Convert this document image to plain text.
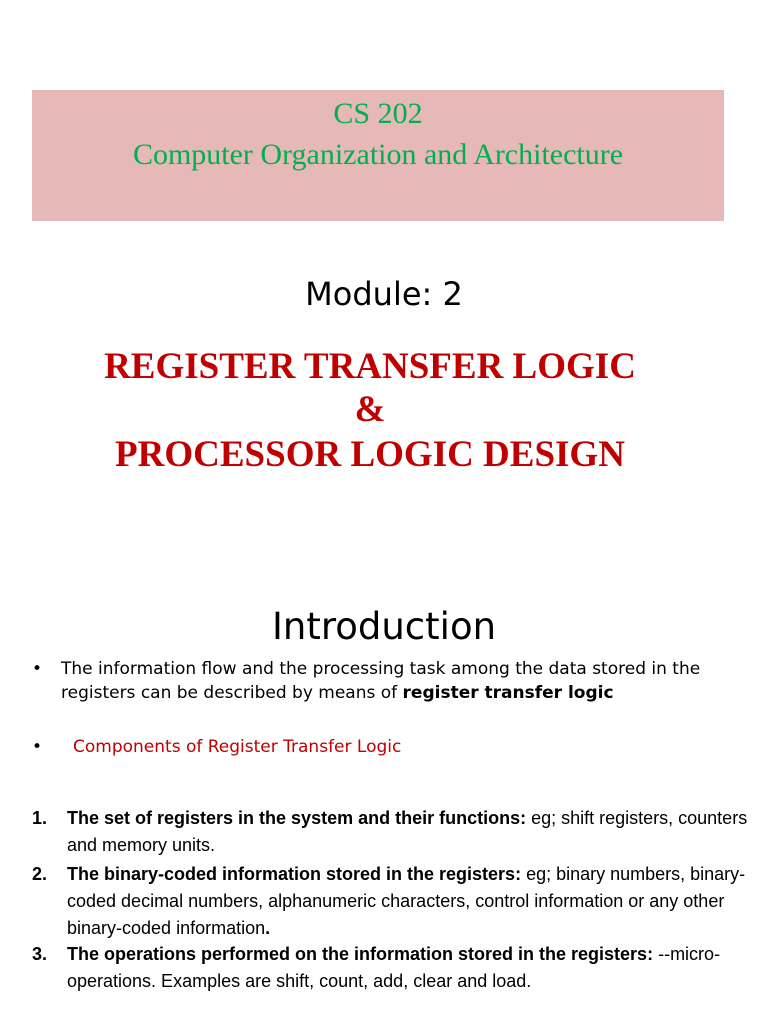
CS 202
Computer Organization and Architecture
Module: 2
REGISTER TRANSFER LOGIC
&
PROCESSOR LOGIC DESIGN
Introduction
•	The information flow and the processing task among the data stored in the registers can be described by means of register transfer logic
•	Components of Register Transfer Logic
1.	The set of registers in the system and their functions: eg; shift registers, counters and memory units.
2.	The binary-coded information stored in the registers: eg; binary numbers, binary-coded decimal numbers, alphanumeric characters, control information or any other binary-coded information.
3.	The operations performed on the information stored in the registers: --micro-operations. Examples are shift, count, add, clear and load.
